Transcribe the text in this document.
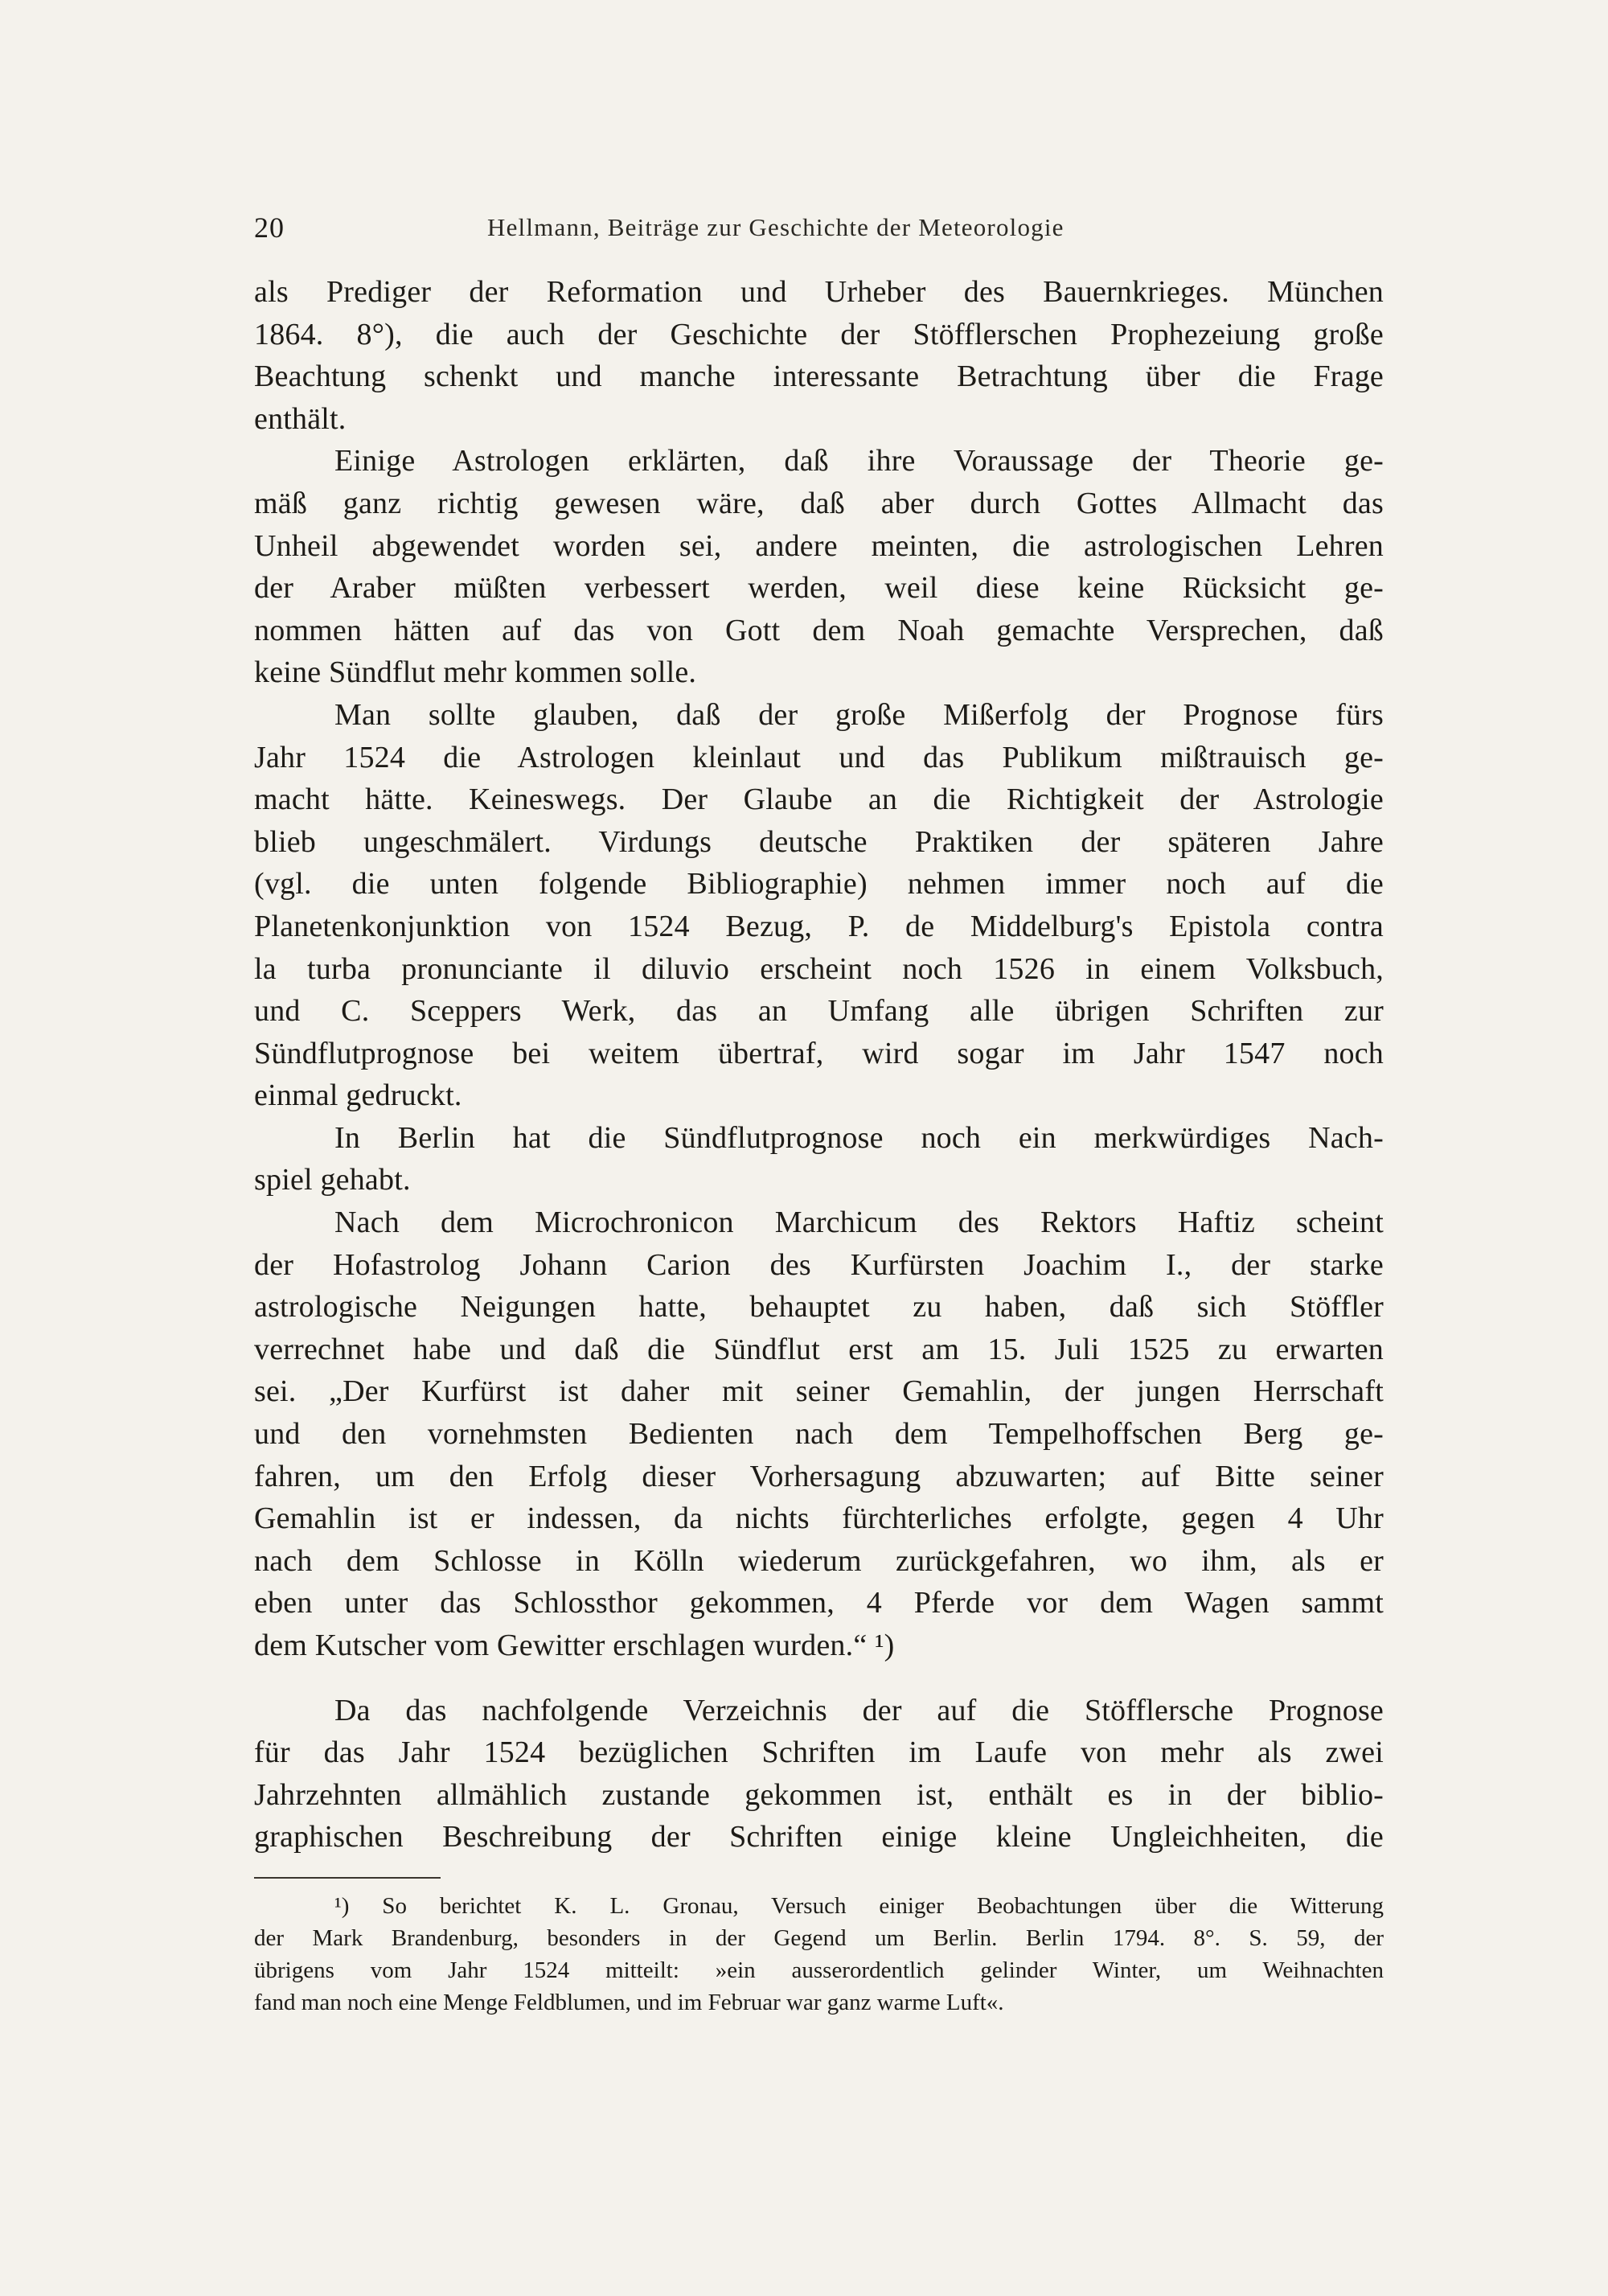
20	Hellmann, Beiträge zur Geschichte der Meteorologie
als Prediger der Reformation und Urheber des Bauernkrieges. München
1864. 8°), die auch der Geschichte der Stöfflerschen Prophezeiung große
Beachtung schenkt und manche interessante Betrachtung über die Frage
enthält.
Einige Astrologen erklärten, daß ihre Voraussage der Theorie ge-
mäß ganz richtig gewesen wäre, daß aber durch Gottes Allmacht das
Unheil abgewendet worden sei, andere meinten, die astrologischen Lehren
der Araber müßten verbessert werden, weil diese keine Rücksicht ge-
nommen hätten auf das von Gott dem Noah gemachte Versprechen, daß
keine Sündflut mehr kommen solle.
Man sollte glauben, daß der große Mißerfolg der Prognose fürs
Jahr 1524 die Astrologen kleinlaut und das Publikum mißtrauisch ge-
macht hätte. Keineswegs. Der Glaube an die Richtigkeit der Astrologie
blieb ungeschmälert. Virdungs deutsche Praktiken der späteren Jahre
(vgl. die unten folgende Bibliographie) nehmen immer noch auf die
Planetenkonjunktion von 1524 Bezug, P. de Middelburg's Epistola contra
la turba pronunciante il diluvio erscheint noch 1526 in einem Volksbuch,
und C. Sceppers Werk, das an Umfang alle übrigen Schriften zur
Sündflutprognose bei weitem übertraf, wird sogar im Jahr 1547 noch
einmal gedruckt.
In Berlin hat die Sündflutprognose noch ein merkwürdiges Nach-
spiel gehabt.
Nach dem Microchronicon Marchicum des Rektors Haftiz scheint
der Hofastrolog Johann Carion des Kurfürsten Joachim I., der starke
astrologische Neigungen hatte, behauptet zu haben, daß sich Stöffler
verrechnet habe und daß die Sündflut erst am 15. Juli 1525 zu erwarten
sei. „Der Kurfürst ist daher mit seiner Gemahlin, der jungen Herrschaft
und den vornehmsten Bedienten nach dem Tempelhoffschen Berg ge-
fahren, um den Erfolg dieser Vorhersagung abzuwarten; auf Bitte seiner
Gemahlin ist er indessen, da nichts fürchterliches erfolgte, gegen 4 Uhr
nach dem Schlosse in Kölln wiederum zurückgefahren, wo ihm, als er
eben unter das Schlossthor gekommen, 4 Pferde vor dem Wagen sammt
dem Kutscher vom Gewitter erschlagen wurden.“ ¹)
Da das nachfolgende Verzeichnis der auf die Stöfflersche Prognose
für das Jahr 1524 bezüglichen Schriften im Laufe von mehr als zwei
Jahrzehnten allmählich zustande gekommen ist, enthält es in der biblio-
graphischen Beschreibung der Schriften einige kleine Ungleichheiten, die
¹) So berichtet K. L. Gronau, Versuch einiger Beobachtungen über die Witterung
der Mark Brandenburg, besonders in der Gegend um Berlin. Berlin 1794. 8°. S. 59, der
übrigens vom Jahr 1524 mitteilt: »ein ausserordentlich gelinder Winter, um Weihnachten
fand man noch eine Menge Feldblumen, und im Februar war ganz warme Luft«.
